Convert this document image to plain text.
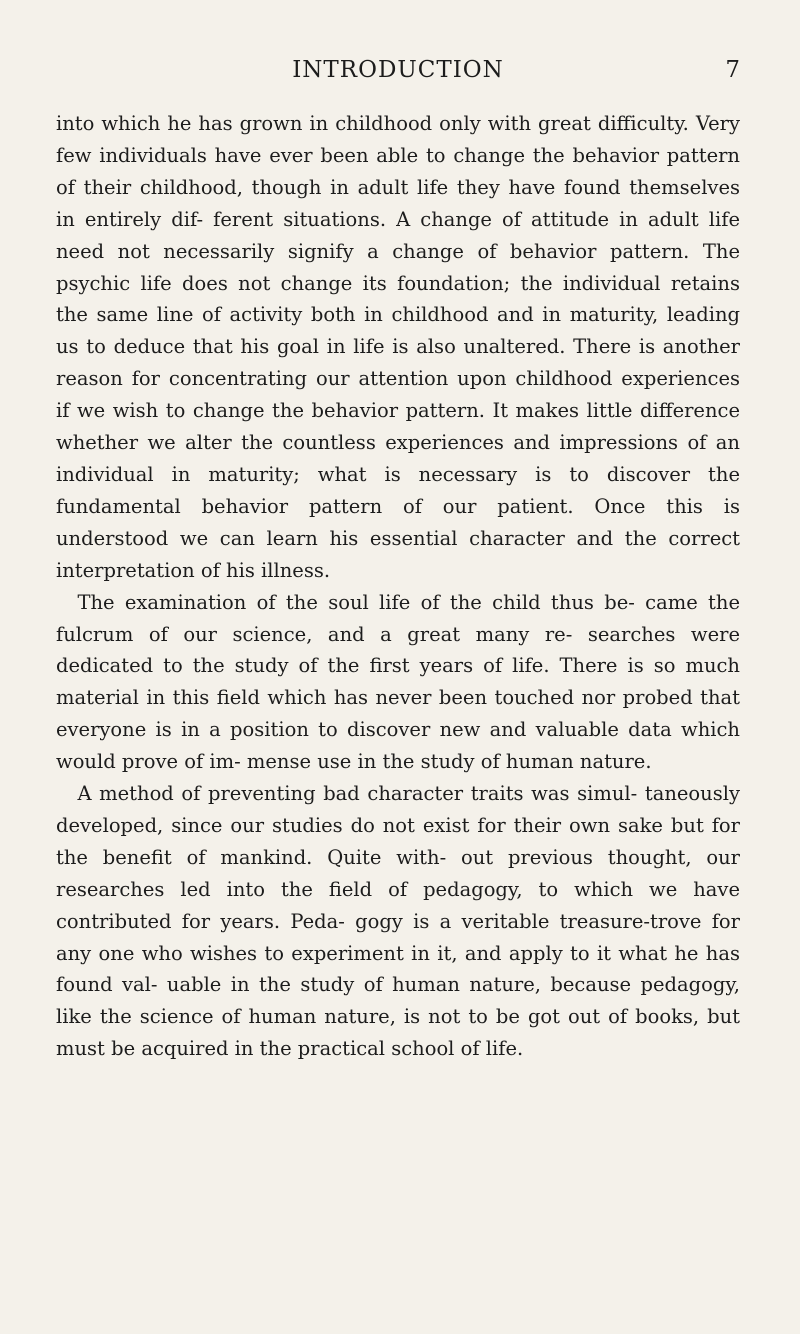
INTRODUCTION	7

into which he has grown in childhood only with great difficulty. Very few individuals have ever been able to change the behavior pattern of their childhood, though in adult life they have found themselves in entirely dif- ferent situations. A change of attitude in adult life need not necessarily signify a change of behavior pattern. The psychic life does not change its foundation; the individual retains the same line of activity both in childhood and in maturity, leading us to deduce that his goal in life is also unaltered. There is another reason for concentrating our attention upon childhood experiences if we wish to change the behavior pattern. It makes little difference whether we alter the countless experiences and impressions of an individual in maturity; what is necessary is to discover the fundamental behavior pattern of our patient. Once this is understood we can learn his essential character and the correct interpretation of his illness.

The examination of the soul life of the child thus be- came the fulcrum of our science, and a great many re- searches were dedicated to the study of the first years of life. There is so much material in this field which has never been touched nor probed that everyone is in a position to discover new and valuable data which would prove of im- mense use in the study of human nature.

A method of preventing bad character traits was simul- taneously developed, since our studies do not exist for their own sake but for the benefit of mankind. Quite with- out previous thought, our researches led into the field of pedagogy, to which we have contributed for years. Peda- gogy is a veritable treasure-trove for any one who wishes to experiment in it, and apply to it what he has found val- uable in the study of human nature, because pedagogy, like the science of human nature, is not to be got out of books, but must be acquired in the practical school of life.
